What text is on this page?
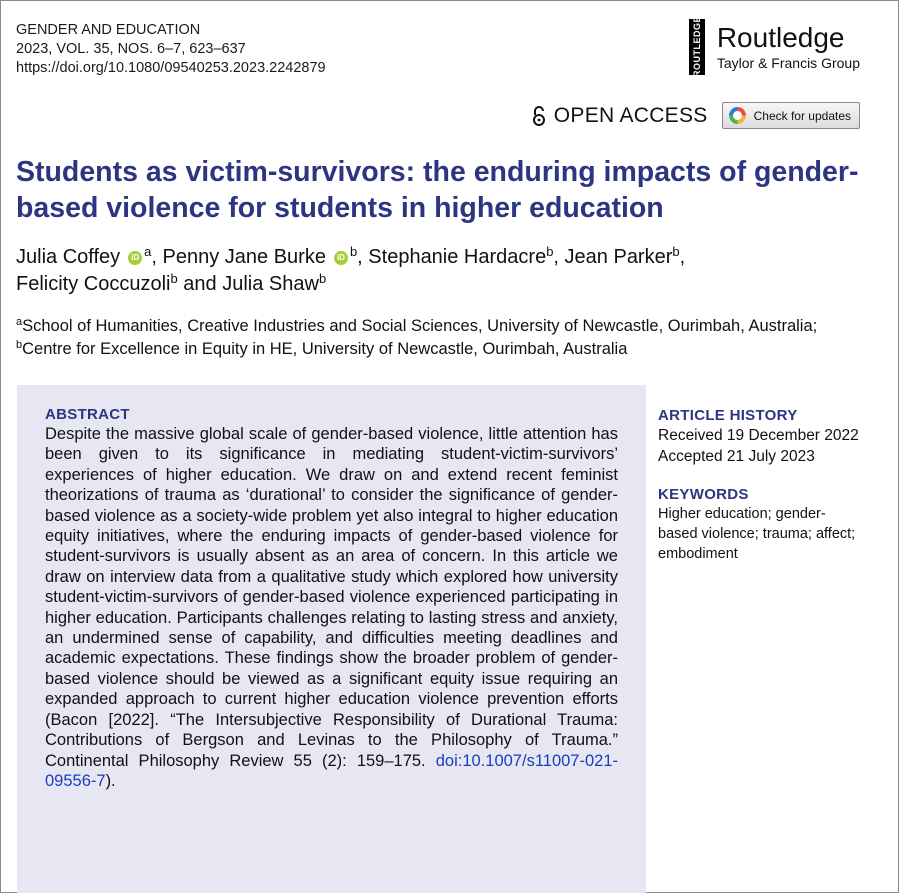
GENDER AND EDUCATION
2023, VOL. 35, NOS. 6–7, 623–637
https://doi.org/10.1080/09540253.2023.2242879	ROUTLEDGE Routledge
Taylor & Francis Group
OPEN ACCESS	Check for updates
Students as victim-survivors: the enduring impacts of gender-based violence for students in higher education
Julia Coffey iD $^a$, Penny Jane Burke iD $^b$, Stephanie Hardacre$^b$, Jean Parker$^b$,
Felicity Coccuzoli$^b$ and Julia Shaw$^b$
$^a$School of Humanities, Creative Industries and Social Sciences, University of Newcastle, Ourimbah, Australia;
$^b$Centre for Excellence in Equity in HE, University of Newcastle, Ourimbah, Australia
ABSTRACT
Despite the massive global scale of gender-based violence, little attention has been given to its significance in mediating student-victim-survivors’ experiences of higher education. We draw on and extend recent feminist theorizations of trauma as ‘durational’ to consider the significance of gender-based violence as a society-wide problem yet also integral to higher education equity initiatives, where the enduring impacts of gender-based violence for student-survivors is usually absent as an area of concern. In this article we draw on interview data from a qualitative study which explored how university student-victim-survivors of gender-based violence experienced participating in higher education. Participants challenges relating to lasting stress and anxiety, an undermined sense of capability, and difficulties meeting deadlines and academic expectations. These findings show the broader problem of gender-based violence should be viewed as a significant equity issue requiring an expanded approach to current higher education violence prevention efforts (Bacon [2022]. “The Intersubjective Responsibility of Durational Trauma: Contributions of Bergson and Levinas to the Philosophy of Trauma.” Continental Philosophy Review 55 (2): 159–175. doi:10.1007/s11007-021-09556-7).
ARTICLE HISTORY
Received 19 December 2022
Accepted 21 July 2023
KEYWORDS
Higher education; gender-based violence; trauma; affect; embodiment
